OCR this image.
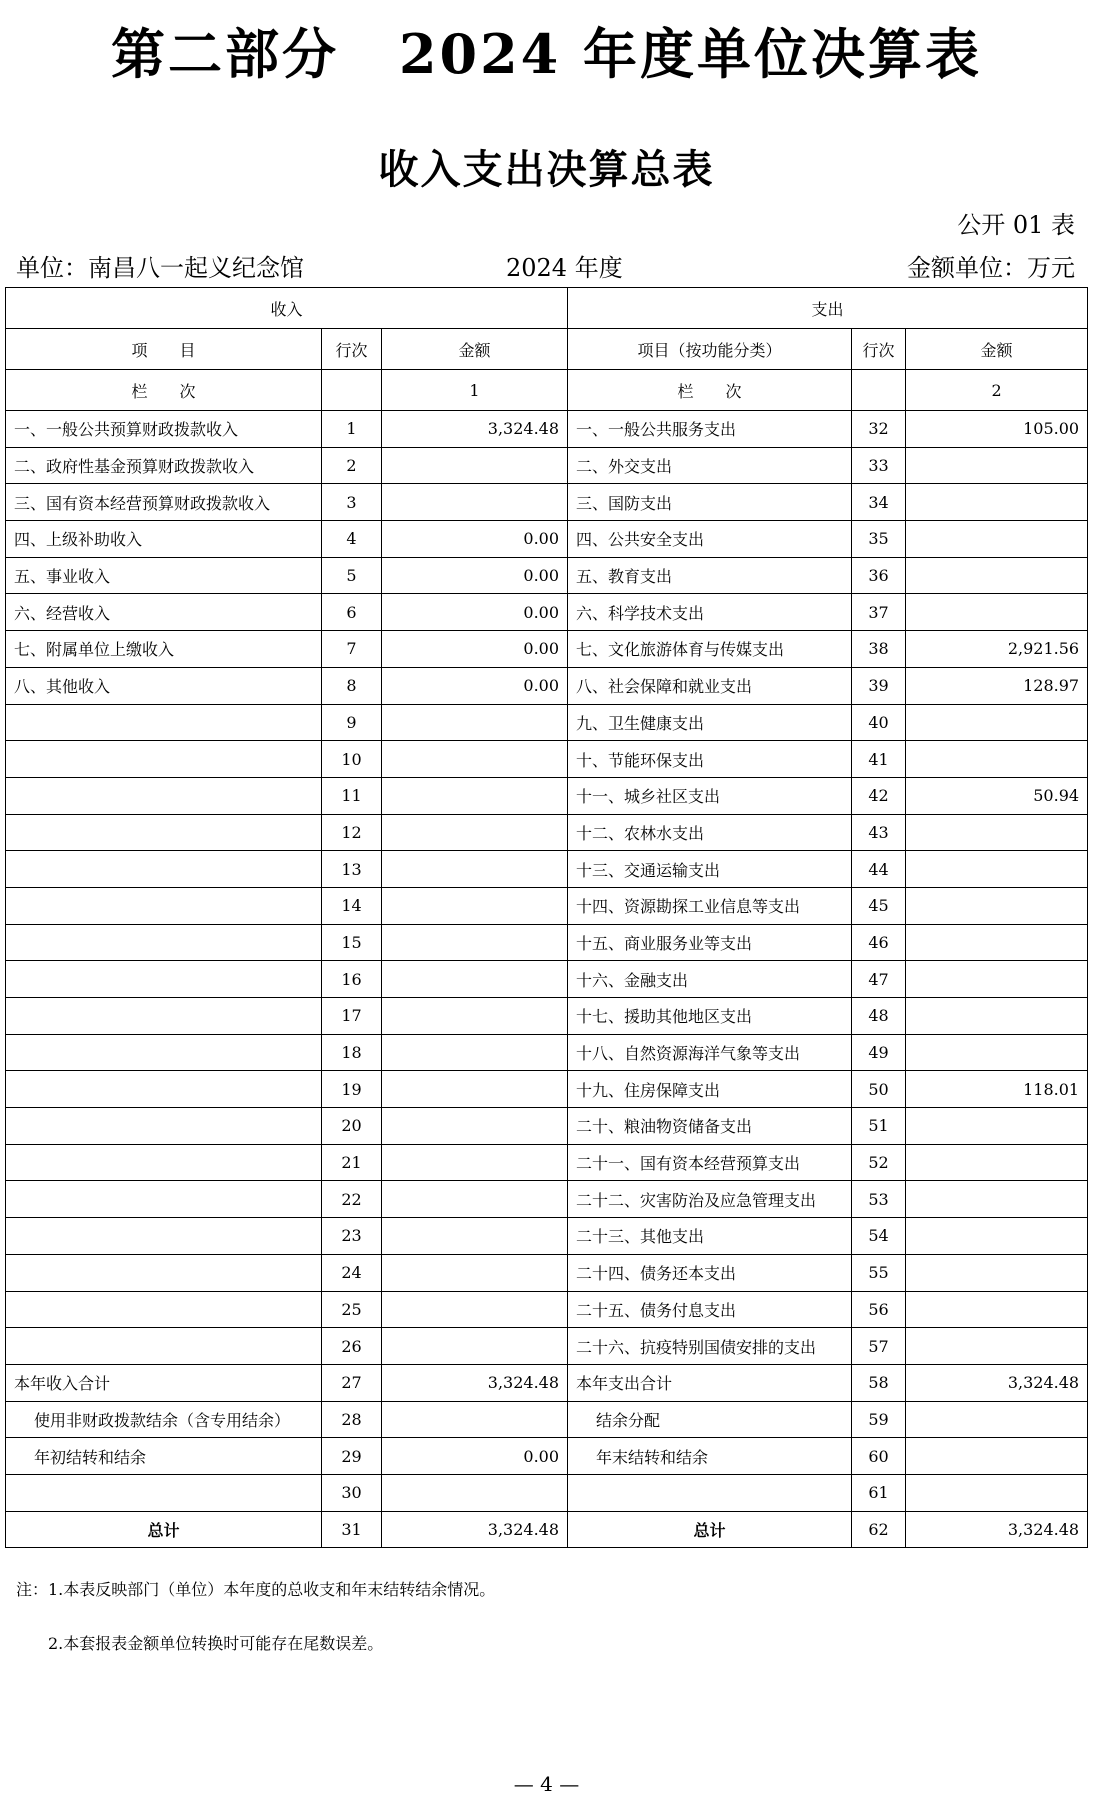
第二部分 2024 年度单位决算表
收入支出决算总表
公开 01 表
单位：南昌八一起义纪念馆	2024 年度	金额单位：万元
收入			支出		
项　　目	行次	金额	项目（按功能分类）	行次	金额
栏　　次		1	栏　　次		2
一、一般公共预算财政拨款收入	1	3,324.48	一、一般公共服务支出	32	105.00
二、政府性基金预算财政拨款收入	2		二、外交支出	33	
三、国有资本经营预算财政拨款收入	3		三、国防支出	34	
四、上级补助收入	4	0.00	四、公共安全支出	35	
五、事业收入	5	0.00	五、教育支出	36	
六、经营收入	6	0.00	六、科学技术支出	37	
七、附属单位上缴收入	7	0.00	七、文化旅游体育与传媒支出	38	2,921.56
八、其他收入	8	0.00	八、社会保障和就业支出	39	128.97
	9		九、卫生健康支出	40	
	10		十、节能环保支出	41	
	11		十一、城乡社区支出	42	50.94
	12		十二、农林水支出	43	
	13		十三、交通运输支出	44	
	14		十四、资源勘探工业信息等支出	45	
	15		十五、商业服务业等支出	46	
	16		十六、金融支出	47	
	17		十七、援助其他地区支出	48	
	18		十八、自然资源海洋气象等支出	49	
	19		十九、住房保障支出	50	118.01
	20		二十、粮油物资储备支出	51	
	21		二十一、国有资本经营预算支出	52	
	22		二十二、灾害防治及应急管理支出	53	
	23		二十三、其他支出	54	
	24		二十四、债务还本支出	55	
	25		二十五、债务付息支出	56	
	26		二十六、抗疫特别国债安排的支出	57	
本年收入合计	27	3,324.48	本年支出合计	58	3,324.48
使用非财政拨款结余（含专用结余）	28		结余分配	59	
年初结转和结余	29	0.00	年末结转和结余	60	
	30			61	
总计	31	3,324.48	总计	62	3,324.48
注：1.本表反映部门（单位）本年度的总收支和年末结转结余情况。
2.本套报表金额单位转换时可能存在尾数误差。
— 4 —
